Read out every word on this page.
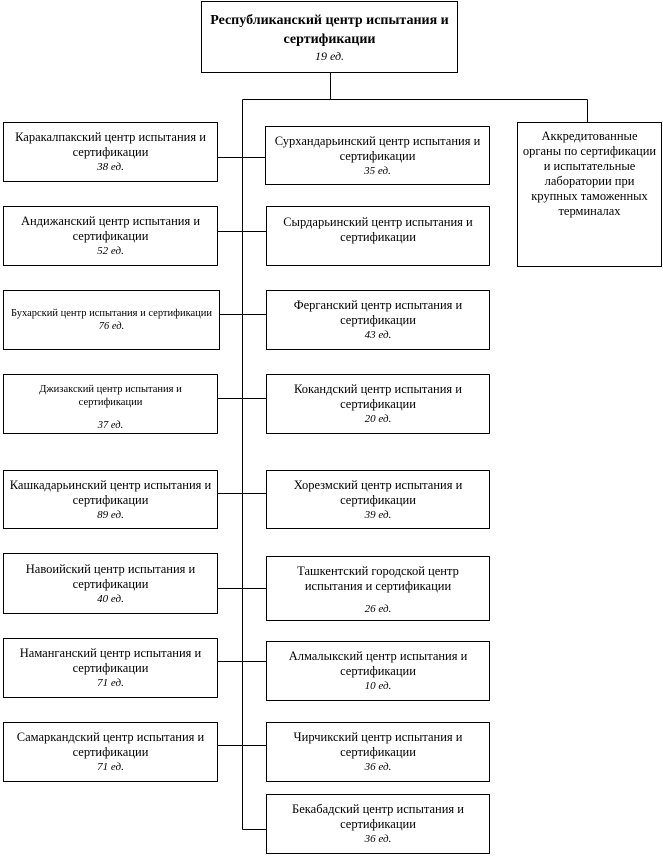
Республиканский центр испытания и сертификации
19 ед.
Аккредитованные органы по сертификации и испытательные лаборатории при крупных таможенных терминалах
Каракалпакский центр испытания и сертификации
38 ед.
Андижанский центр испытания и сертификации
52 ед.
Бухарский центр испытания и сертификации
76 ед.
Джизакский центр испытания и сертификации
37 ед.
Кашкадарьинский центр испытания и сертификации
89 ед.
Навоийский центр испытания и сертификации
40 ед.
Наманганский центр испытания и сертификации
71 ед.
Самаркандский центр испытания и сертификации
71 ед.
Сурхандарьинский центр испытания и сертификации
35 ед.
Сырдарьинский центр испытания и сертификации
Ферганский центр испытания и сертификации
43 ед.
Кокандский центр испытания и сертификации
20 ед.
Хорезмский центр испытания и сертификации
39 ед.
Ташкентский городской центр испытания и сертификации
26 ед.
Алмалыкский центр испытания и сертификации
10 ед.
Чирчикский центр испытания и сертификации
36 ед.
Бекабадский центр испытания и сертификации
36 ед.
